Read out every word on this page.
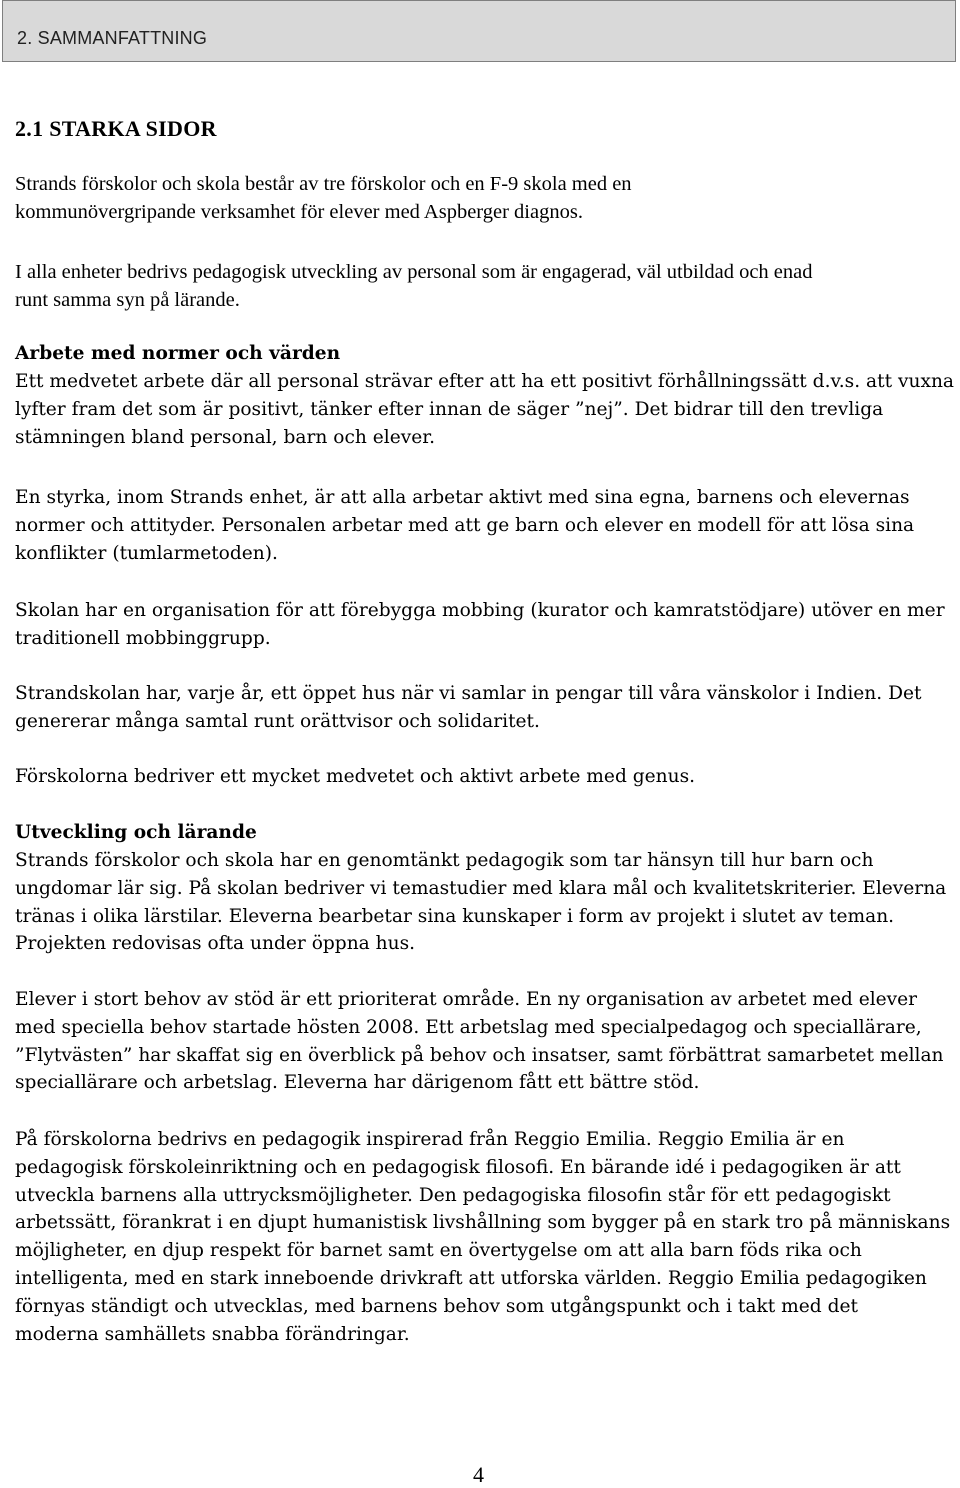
2. SAMMANFATTNING
2.1 STARKA SIDOR

Strands förskolor och skola består av tre förskolor och en F-9 skola med en
kommunövergripande verksamhet för elever med Aspberger diagnos.

I alla enheter bedrivs pedagogisk utveckling av personal som är engagerad, väl utbildad och enad
runt samma syn på lärande.

Arbete med normer och värden

Ett medvetet arbete där all personal strävar efter att ha ett positivt förhållningssätt d.v.s. att vuxna
lyfter fram det som är positivt, tänker efter innan de säger ”nej”. Det bidrar till den trevliga
stämningen bland personal, barn och elever.

En styrka, inom Strands enhet, är att alla arbetar aktivt med sina egna, barnens och elevernas
normer och attityder. Personalen arbetar med att ge barn och elever en modell för att lösa sina
konflikter (tumlarmetoden).

Skolan har en organisation för att förebygga mobbing (kurator och kamratstödjare) utöver en mer
traditionell mobbinggrupp.

Strandskolan har, varje år, ett öppet hus när vi samlar in pengar till våra vänskolor i Indien. Det
genererar många samtal runt orättvisor och solidaritet.

Förskolorna bedriver ett mycket medvetet och aktivt arbete med genus.

Utveckling och lärande

Strands förskolor och skola har en genomtänkt pedagogik som tar hänsyn till hur barn och
ungdomar lär sig. På skolan bedriver vi temastudier med klara mål och kvalitetskriterier. Eleverna
tränas i olika lärstilar. Eleverna bearbetar sina kunskaper i form av projekt i slutet av teman.
Projekten redovisas ofta under öppna hus.

Elever i stort behov av stöd är ett prioriterat område. En ny organisation av arbetet med elever
med speciella behov startade hösten 2008. Ett arbetslag med specialpedagog och speciallärare,
”Flytvästen” har skaffat sig en överblick på behov och insatser, samt förbättrat samarbetet mellan
speciallärare och arbetslag. Eleverna har därigenom fått ett bättre stöd.

På förskolorna bedrivs en pedagogik inspirerad från Reggio Emilia. Reggio Emilia är en
pedagogisk förskoleinriktning och en pedagogisk filosofi. En bärande idé i pedagogiken är att
utveckla barnens alla uttrycksmöjligheter. Den pedagogiska filosofin står för ett pedagogiskt
arbetssätt, förankrat i en djupt humanistisk livshållning som bygger på en stark tro på människans
möjligheter, en djup respekt för barnet samt en övertygelse om att alla barn föds rika och
intelligenta, med en stark inneboende drivkraft att utforska världen. Reggio Emilia pedagogiken
förnyas ständigt och utvecklas, med barnens behov som utgångspunkt och i takt med det
moderna samhällets snabba förändringar.

4
